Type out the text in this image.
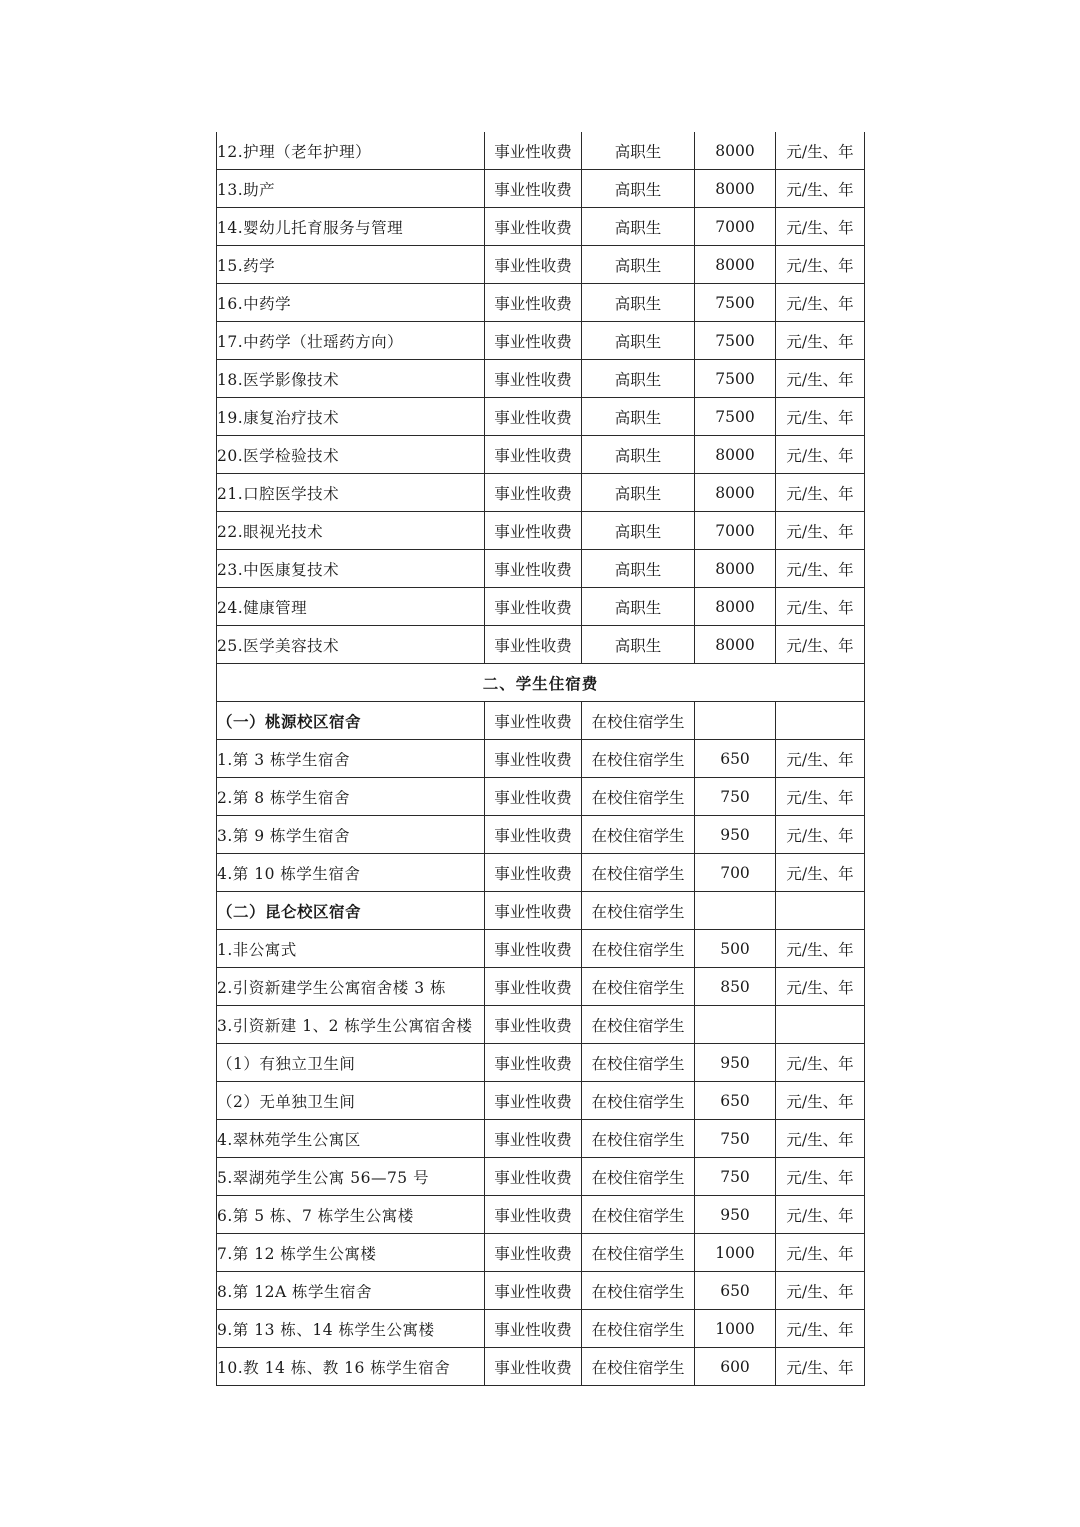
12.护理（老年护理）	事业性收费	高职生	8000	元/生、年
13.助产	事业性收费	高职生	8000	元/生、年
14.婴幼儿托育服务与管理	事业性收费	高职生	7000	元/生、年
15.药学	事业性收费	高职生	8000	元/生、年
16.中药学	事业性收费	高职生	7500	元/生、年
17.中药学（壮瑶药方向）	事业性收费	高职生	7500	元/生、年
18.医学影像技术	事业性收费	高职生	7500	元/生、年
19.康复治疗技术	事业性收费	高职生	7500	元/生、年
20.医学检验技术	事业性收费	高职生	8000	元/生、年
21.口腔医学技术	事业性收费	高职生	8000	元/生、年
22.眼视光技术	事业性收费	高职生	7000	元/生、年
23.中医康复技术	事业性收费	高职生	8000	元/生、年
24.健康管理	事业性收费	高职生	8000	元/生、年
25.医学美容技术	事业性收费	高职生	8000	元/生、年
二、学生住宿费				
（一）桃源校区宿舍	事业性收费	在校住宿学生		
1.第 3 栋学生宿舍	事业性收费	在校住宿学生	650	元/生、年
2.第 8 栋学生宿舍	事业性收费	在校住宿学生	750	元/生、年
3.第 9 栋学生宿舍	事业性收费	在校住宿学生	950	元/生、年
4.第 10 栋学生宿舍	事业性收费	在校住宿学生	700	元/生、年
（二）昆仑校区宿舍	事业性收费	在校住宿学生		
1.非公寓式	事业性收费	在校住宿学生	500	元/生、年
2.引资新建学生公寓宿舍楼 3 栋	事业性收费	在校住宿学生	850	元/生、年
3.引资新建 1、2 栋学生公寓宿舍楼	事业性收费	在校住宿学生		
（1）有独立卫生间	事业性收费	在校住宿学生	950	元/生、年
（2）无单独卫生间	事业性收费	在校住宿学生	650	元/生、年
4.翠林苑学生公寓区	事业性收费	在校住宿学生	750	元/生、年
5.翠湖苑学生公寓 56—75 号	事业性收费	在校住宿学生	750	元/生、年
6.第 5 栋、7 栋学生公寓楼	事业性收费	在校住宿学生	950	元/生、年
7.第 12 栋学生公寓楼	事业性收费	在校住宿学生	1000	元/生、年
8.第 12A 栋学生宿舍	事业性收费	在校住宿学生	650	元/生、年
9.第 13 栋、14 栋学生公寓楼	事业性收费	在校住宿学生	1000	元/生、年
10.教 14 栋、教 16 栋学生宿舍	事业性收费	在校住宿学生	600	元/生、年
